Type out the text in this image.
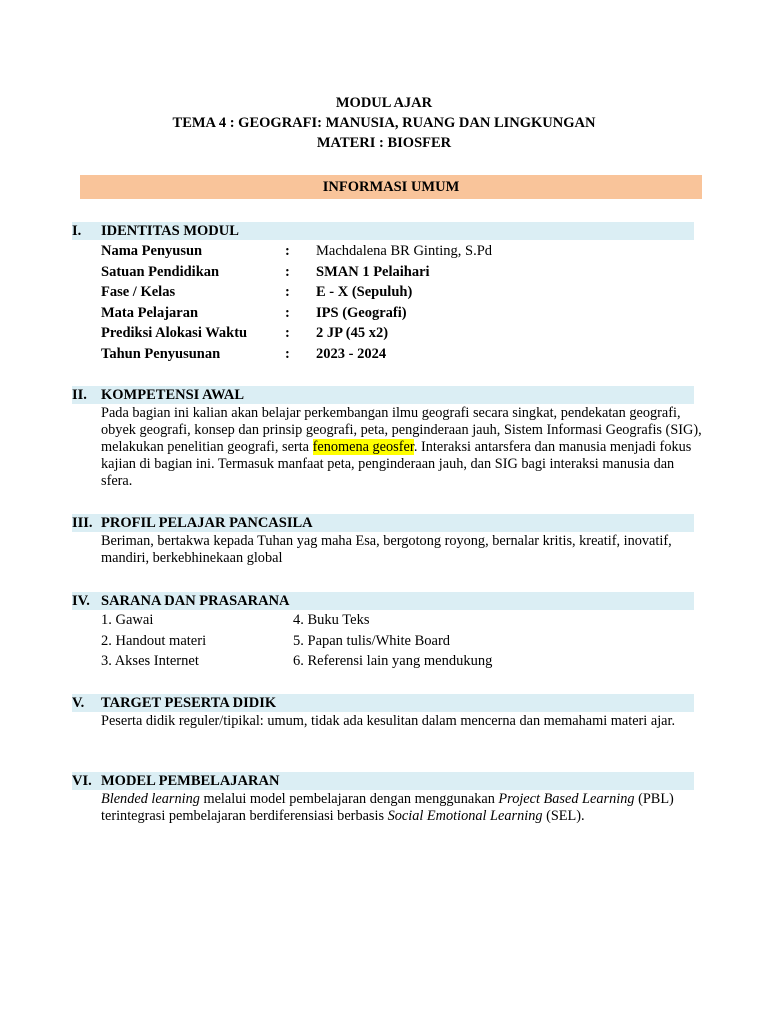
MODUL AJAR
TEMA 4 : GEOGRAFI: MANUSIA, RUANG DAN LINGKUNGAN
MATERI : BIOSFER
INFORMASI UMUM
I. IDENTITAS MODUL
Nama Penyusun	: Machdalena BR Ginting, S.Pd
Satuan Pendidikan	: SMAN 1 Pelaihari
Fase / Kelas	: E - X (Sepuluh)
Mata Pelajaran	: IPS (Geografi)
Prediksi Alokasi Waktu	: 2 JP (45 x2)
Tahun Penyusunan	: 2023 - 2024
II. KOMPETENSI AWAL
Pada bagian ini kalian akan belajar perkembangan ilmu geografi secara singkat, pendekatan geografi, obyek geografi, konsep dan prinsip geografi, peta, penginderaan jauh, Sistem Informasi Geografis (SIG), melakukan penelitian geografi, serta fenomena geosfer. Interaksi antarsfera dan manusia menjadi fokus kajian di bagian ini. Termasuk manfaat peta, penginderaan jauh, dan SIG bagi interaksi manusia dan sfera.
III. PROFIL PELAJAR PANCASILA
Beriman, bertakwa kepada Tuhan yag maha Esa, bergotong royong, bernalar kritis, kreatif, inovatif, mandiri, berkebhinekaan global
IV. SARANA DAN PRASARANA
1. Gawai	4. Buku Teks
2. Handout materi	5. Papan tulis/White Board
3. Akses Internet	6. Referensi lain yang mendukung
V. TARGET PESERTA DIDIK
Peserta didik reguler/tipikal: umum, tidak ada kesulitan dalam mencerna dan memahami materi ajar.
VI. MODEL PEMBELAJARAN
Blended learning melalui model pembelajaran dengan menggunakan Project Based Learning (PBL) terintegrasi pembelajaran berdiferensiasi berbasis Social Emotional Learning (SEL).
